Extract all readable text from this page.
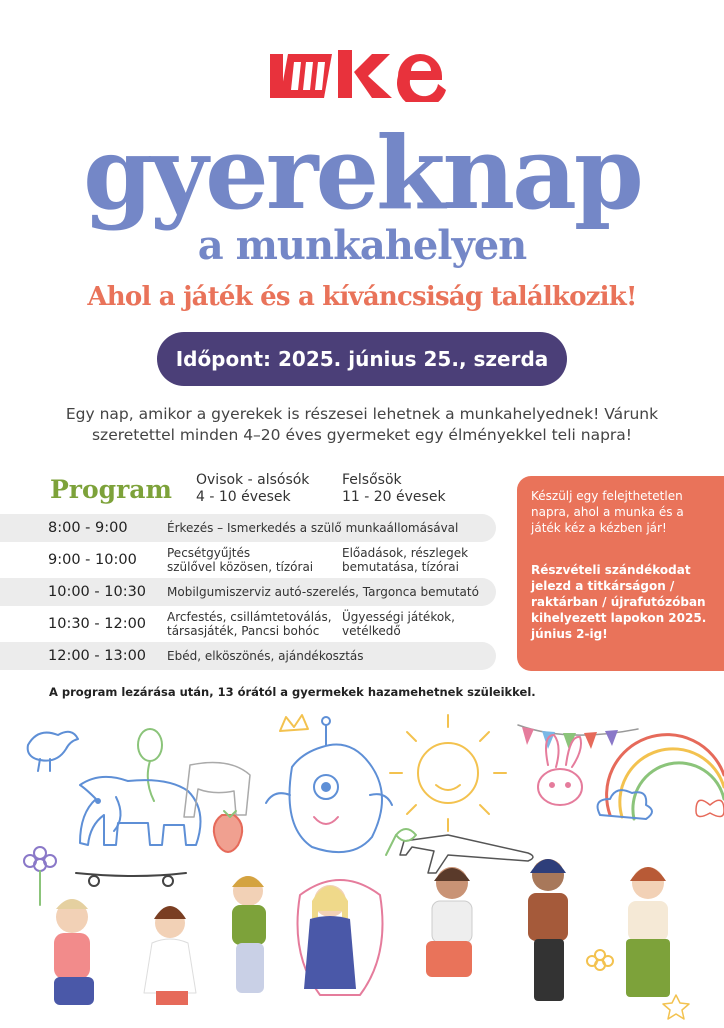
gyereknap
a munkahelyen
Ahol a játék és a kíváncsiság találkozik!
Időpont: 2025. június 25., szerda
Egy nap, amikor a gyerekek is részesei lehetnek a munkahelyednek! Várunk szeretettel minden 4–20 éves gyermeket egy élményekkel teli napra!
Program Ovisok - alsósók
4 - 10 évesek
Felsősök
11 - 20 évesek
8:00 - 9:00	Érkezés – Ismerkedés a szülő munkaállomásával
9:00 - 10:00	Pecsétgyűjtés
szülővel közösen, tízórai
Előadások, részlegek
bemutatása, tízórai
10:00 - 10:30 Mobilgumiszerviz autó-szerelés, Targonca bemutató
10:30 - 12:00 Arcfestés, csillámtetoválás,
társasjáték, Pancsi bohóc
Ügyességi játékok,
vetélkedő
12:00 - 13:00 Ebéd, elköszönés, ajándékosztás
Készülj egy felejthetetlen napra, ahol a munka és a játék kéz a kézben jár!
Részvételi szándékodat jelezd a titkárságon / raktárban / újrafutózóban kihelyezett lapokon 2025. június 2-ig!
A program lezárása után, 13 órától a gyermekek hazamehetnek szüleikkel.
